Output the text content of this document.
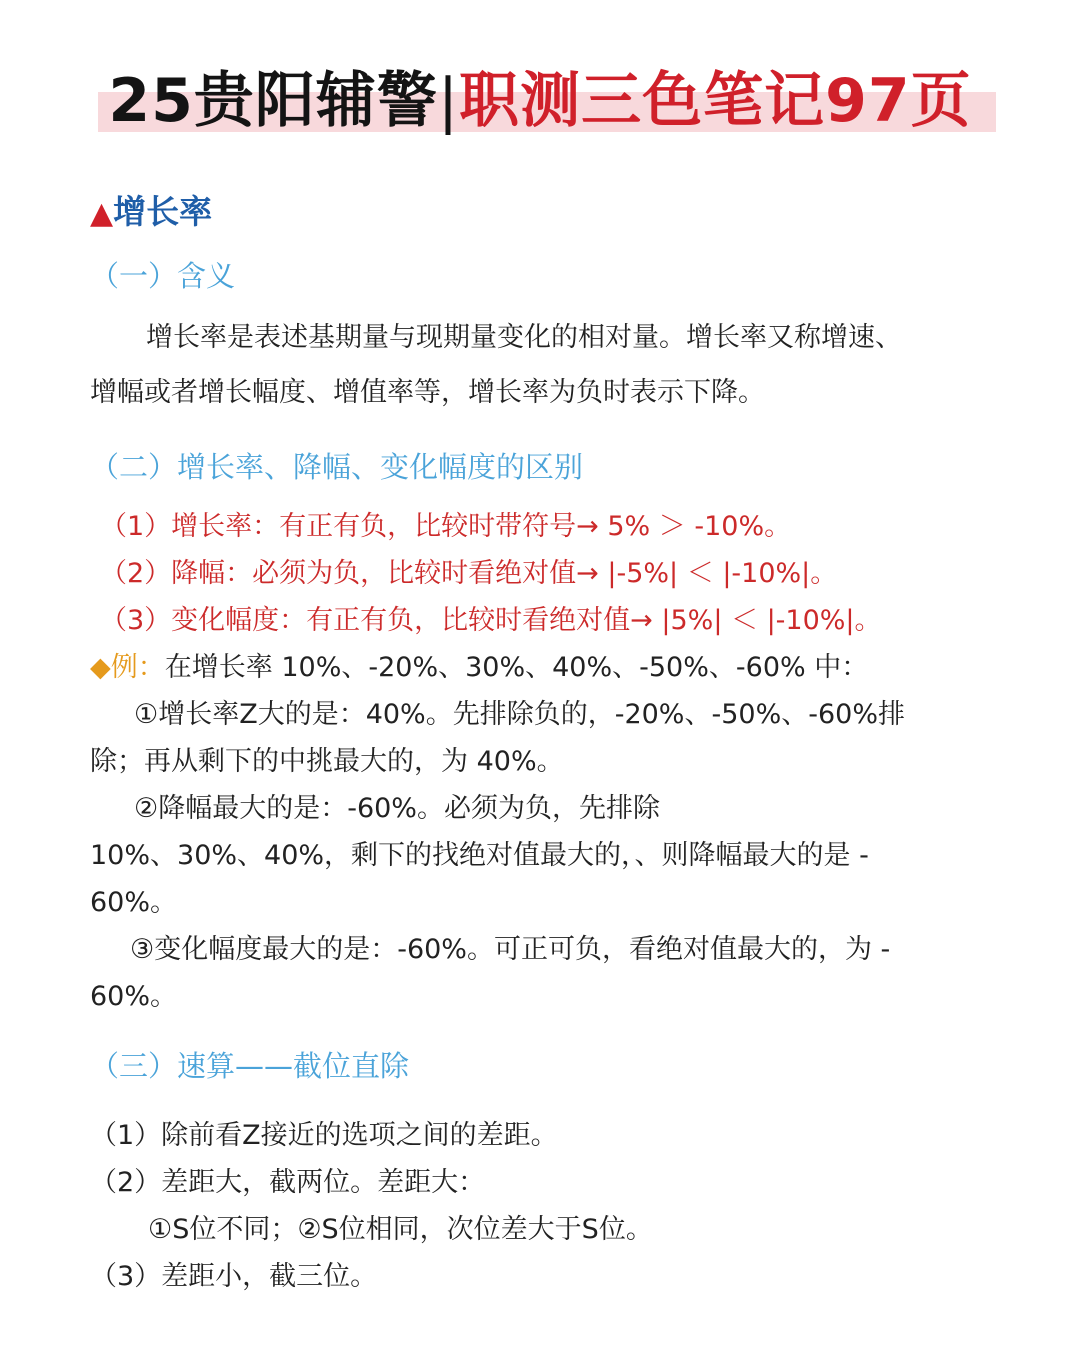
25贵阳辅警|职测三色笔记97页
▲增长率
（一）含义
增长率是表述基期量与现期量变化的相对量。增长率又称增速、
增幅或者增长幅度、增值率等，增长率为负时表示下降。
（二）增长率、降幅、变化幅度的区别
（1）增长率：有正有负，比较时带符号→ 5% ＞ -10%。
（2）降幅：必须为负，比较时看绝对值→ |-5%| ＜ |-10%|。
（3）变化幅度：有正有负，比较时看绝对值→ |5%| ＜ |-10%|。
◆例：在增长率 10%、-20%、30%、40%、-50%、-60% 中：
①增长率Z大的是：40%。先排除负的，-20%、-50%、-60%排
除；再从剩下的中挑最大的，为 40%。
②降幅最大的是：-60%。必须为负，先排除
10%、30%、40%，剩下的找绝对值最大的，、则降幅最大的是 -
60%。
③变化幅度最大的是：-60%。可正可负，看绝对值最大的，为 -
60%。
（三）速算——截位直除
（1）除前看Z接近的选项之间的差距。
（2）差距大，截两位。差距大：
①S位不同；②S位相同，次位差大于S位。
（3）差距小，截三位。
